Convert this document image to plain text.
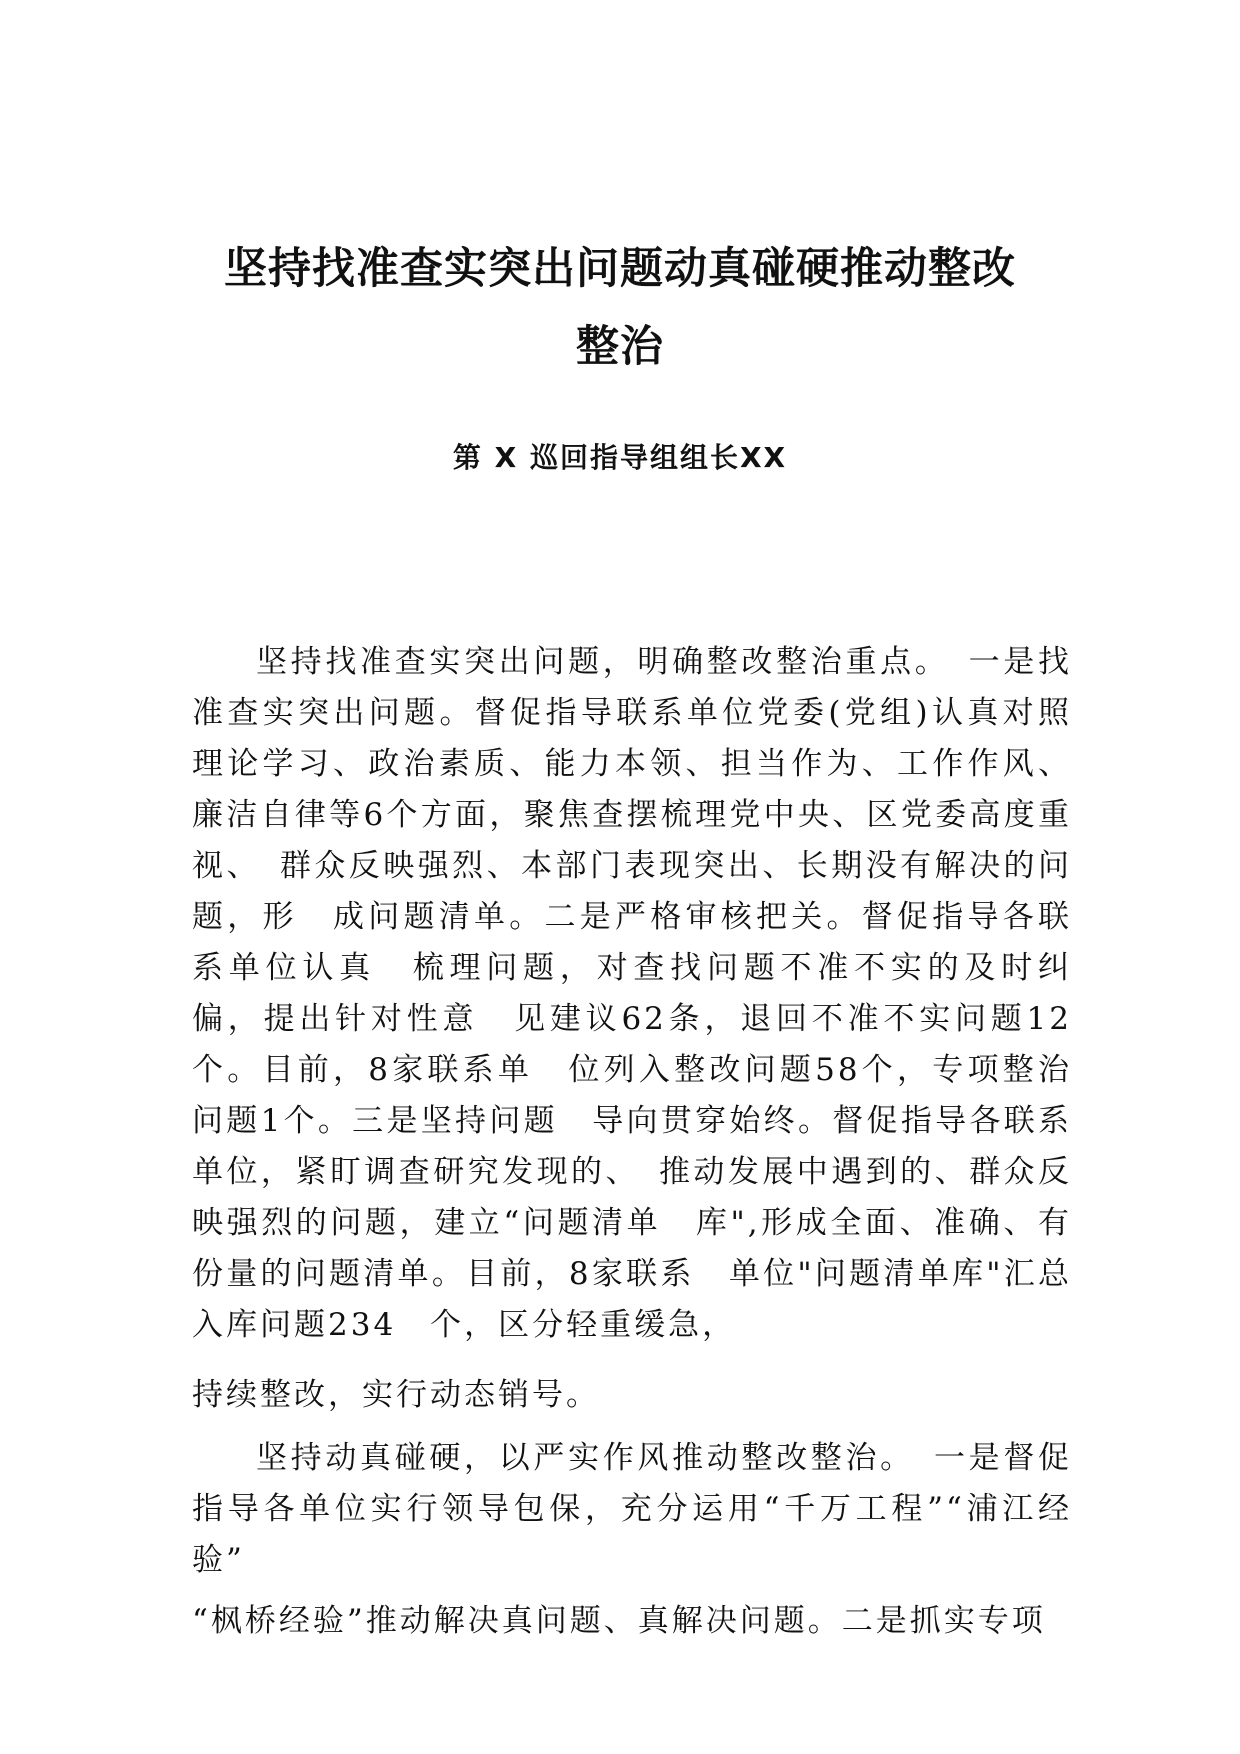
坚持找准查实突出问题动真碰硬推动整改
整治
第 X 巡回指导组组长XX

坚持找准查实突出问题，明确整改整治重点。　一是找准查实突出问题。督促指导联系单位党委(党组)认真对照理论学习、政治素质、能力本领、担当作为、工作作风、廉洁自律等6个方面，聚焦查摆梳理党中央、区党委高度重视、　群众反映强烈、本部门表现突出、长期没有解决的问题，形　成问题清单。二是严格审核把关。督促指导各联系单位认真　梳理问题，对查找问题不准不实的及时纠偏，提出针对性意　见建议62条，退回不准不实问题12个。目前，8家联系单　位列入整改问题58个，专项整治问题1个。三是坚持问题　导向贯穿始终。督促指导各联系单位，紧盯调查研究发现的、　推动发展中遇到的、群众反映强烈的问题，建立“问题清单　库",形成全面、准确、有份量的问题清单。目前，8家联系　单位"问题清单库"汇总入库问题234　个，区分轻重缓急，

持续整改，实行动态销号。

坚持动真碰硬，以严实作风推动整改整治。　一是督促指导各单位实行领导包保，充分运用“千万工程”“浦江经验”

“枫桥经验”推动解决真问题、真解决问题。二是抓实专项
